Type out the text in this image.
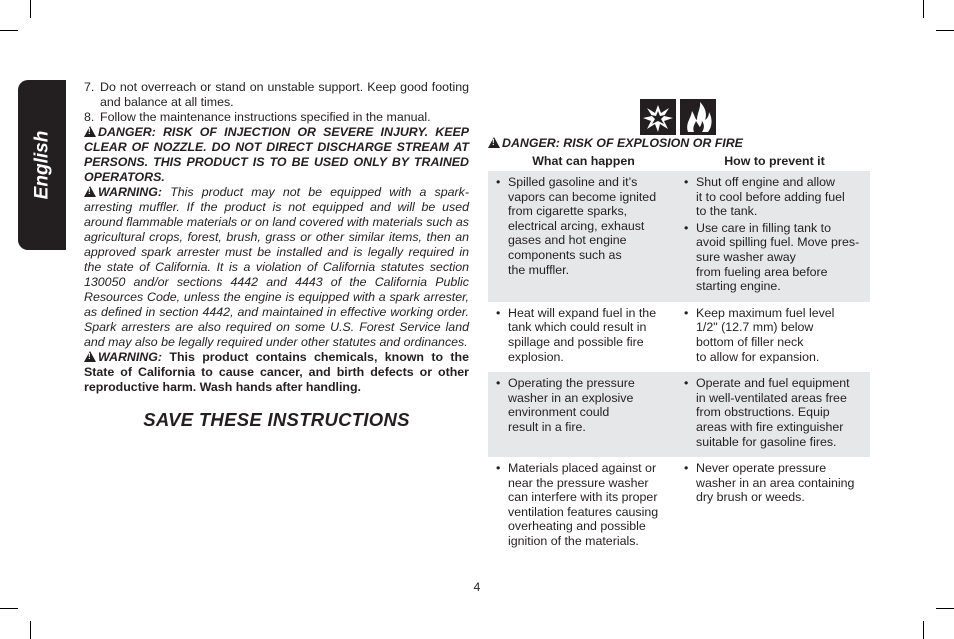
English
7. Do not overreach or stand on unstable support. Keep good footing and balance at all times.
8. Follow the maintenance instructions specified in the manual.

!DANGER: RISK OF INJECTION OR SEVERE INJURY. KEEP CLEAR OF NOZZLE. DO NOT DIRECT DISCHARGE STREAM AT PERSONS. THIS PRODUCT IS TO BE USED ONLY BY TRAINED OPERATORS.

!WARNING: This product may not be equipped with a spark-arresting muffler. If the product is not equipped and will be used around flammable materials or on land covered with materials such as agricultural crops, forest, brush, grass or other similar items, then an approved spark arrester must be installed and is legally required in the state of California. It is a violation of California statutes section 130050 and/or sections 4442 and 4443 of the California Public Resources Code, unless the engine is equipped with a spark arrester, as defined in section 4442, and maintained in effective working order. Spark arresters are also required on some U.S. Forest Service land and may also be legally required under other statutes and ordinances.

!WARNING: This product contains chemicals, known to the State of California to cause cancer, and birth defects or other reproductive harm. Wash hands after handling.

SAVE THESE INSTRUCTIONS
!DANGER: RISK OF EXPLOSION OR FIRE
What can happen	How to prevent it
• Spilled gasoline and it’s
vapors can become ignited
from cigarette sparks,
electrical arcing, exhaust
gases and hot engine
components such as
the muffler.
• Shut off engine and allow
it to cool before adding fuel
to the tank.
• Use care in filling tank to
avoid spilling fuel. Move pres-
sure washer away
from fueling area before
starting engine.
• Heat will expand fuel in the
tank which could result in
spillage and possible fire
explosion.
• Keep maximum fuel level
1/2" (12.7 mm) below
bottom of filler neck
to allow for expansion.
• Operating the pressure
washer in an explosive
environment could
result in a fire.
• Operate and fuel equipment
in well-ventilated areas free
from obstructions. Equip
areas with fire extinguisher
suitable for gasoline fires.
• Materials placed against or
near the pressure washer
can interfere with its proper
ventilation features causing
overheating and possible
ignition of the materials.
• Never operate pressure
washer in an area containing
dry brush or weeds.
4
